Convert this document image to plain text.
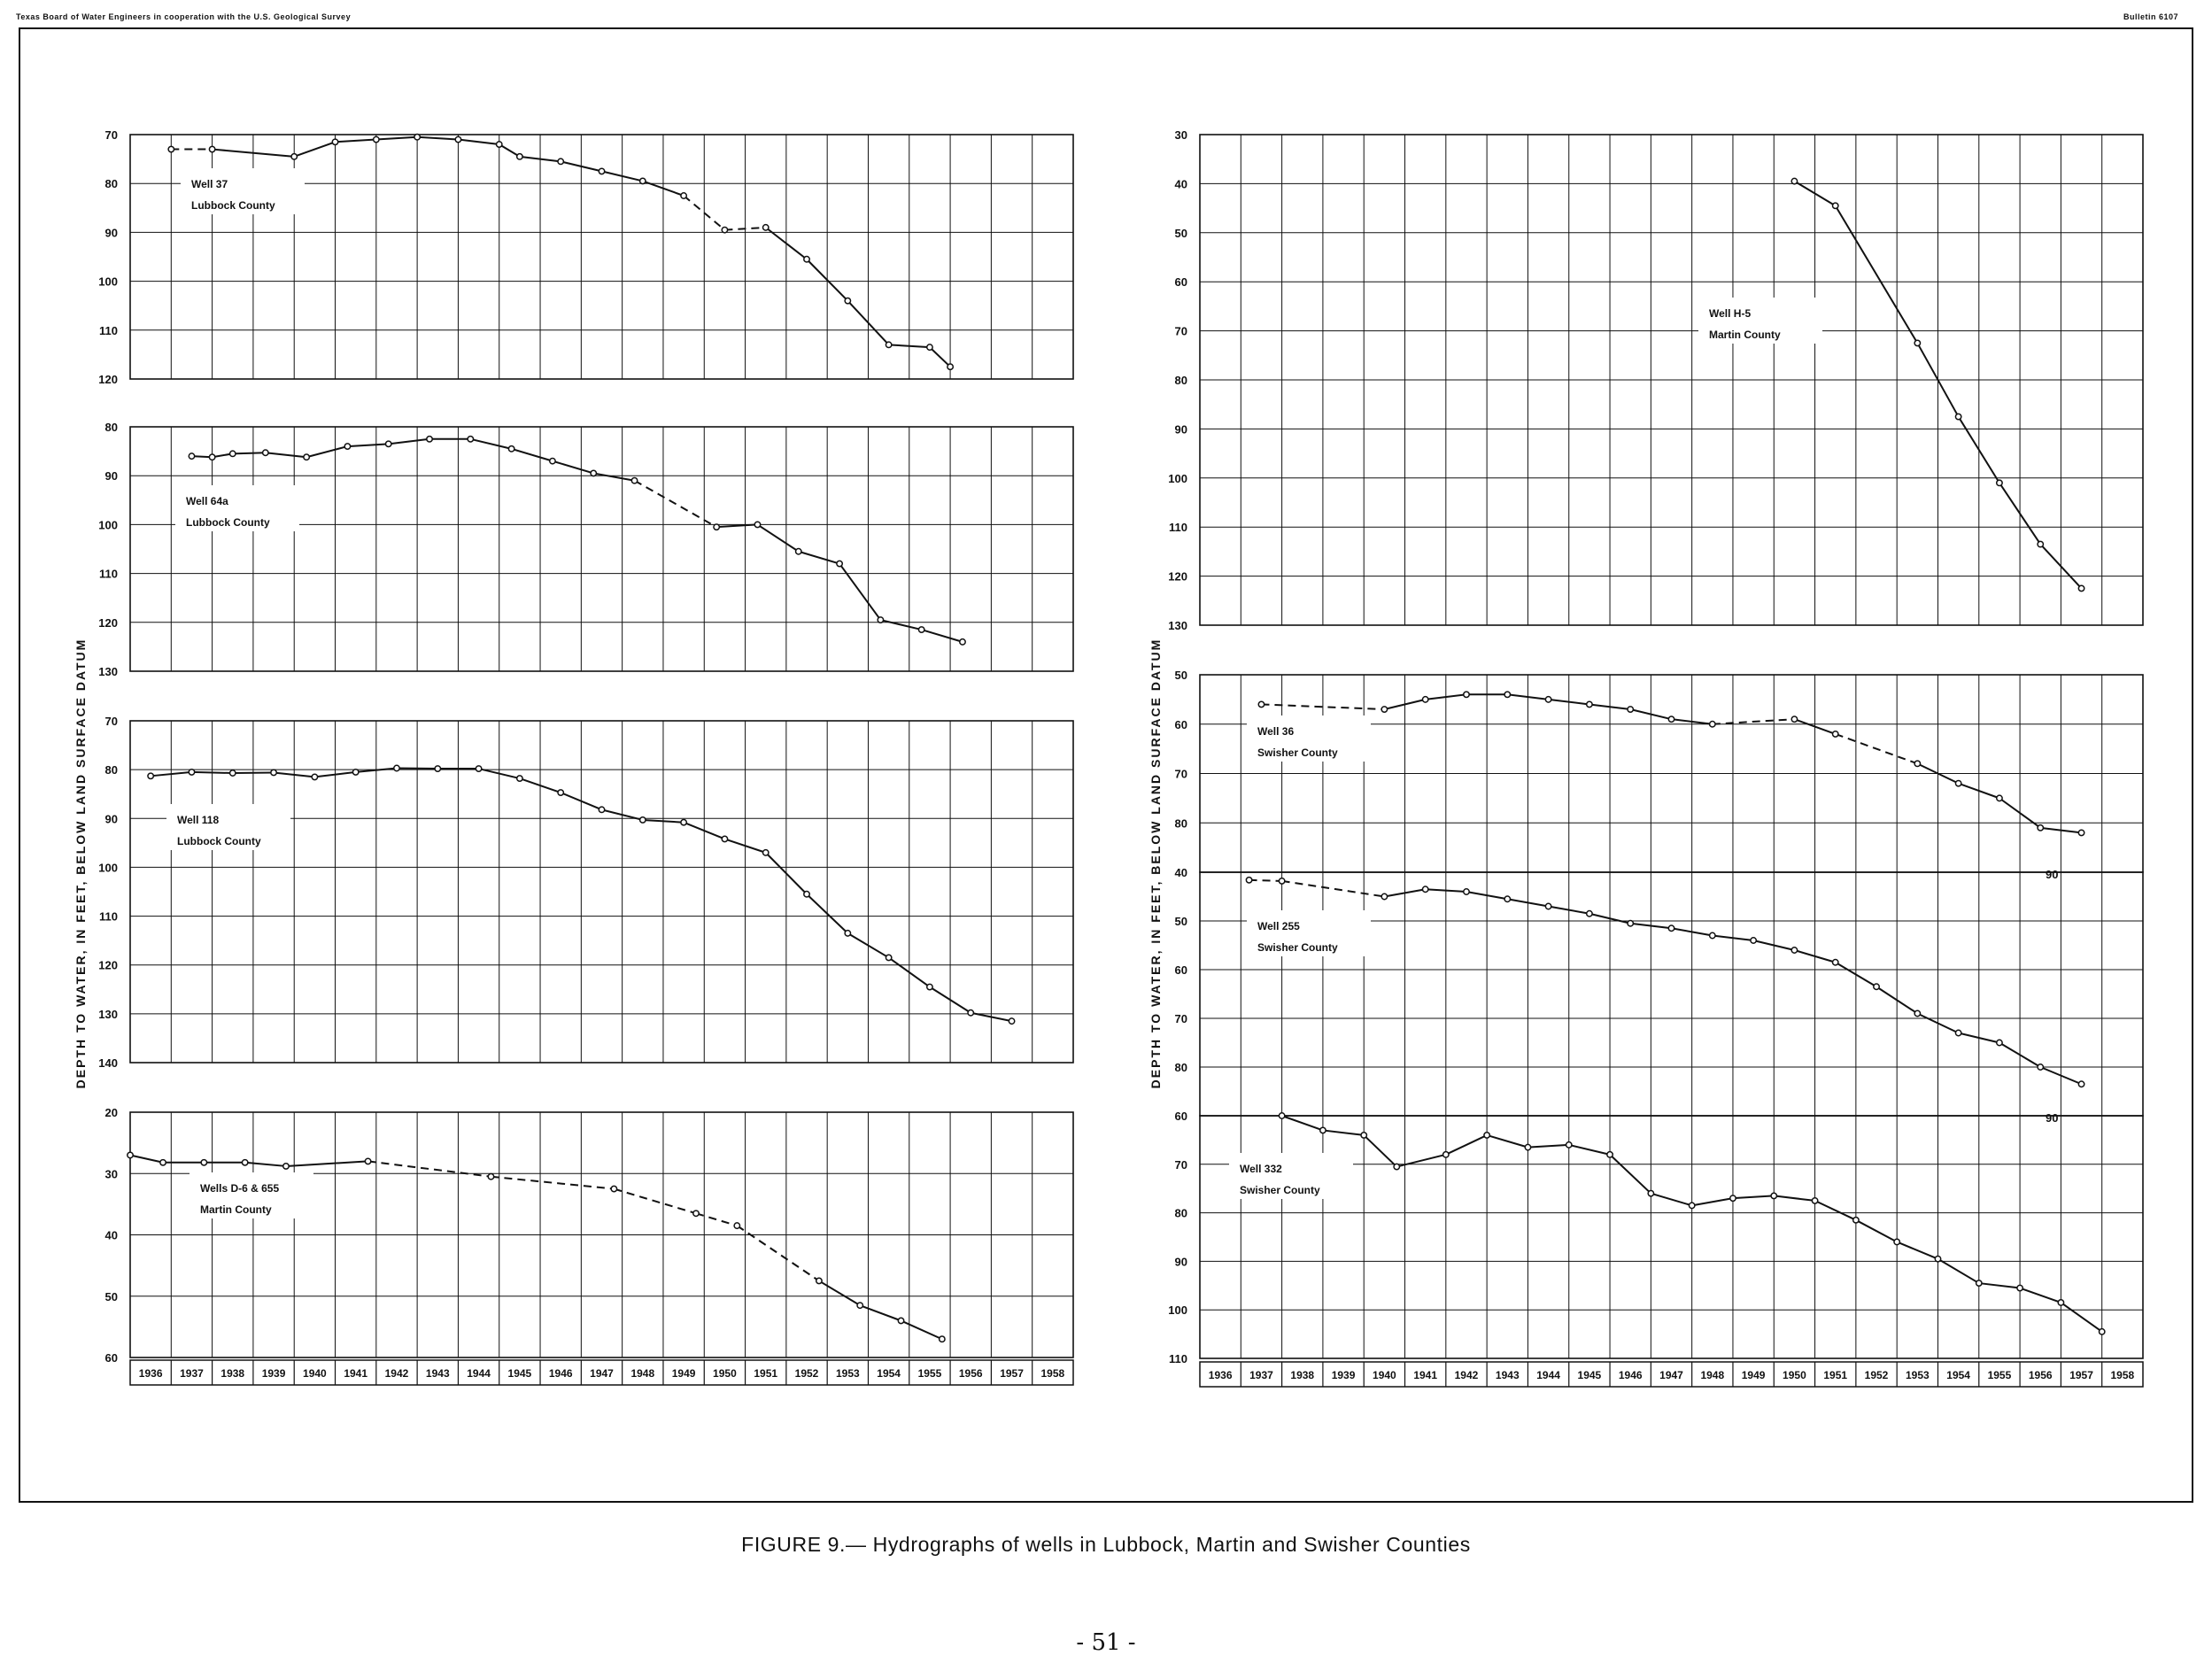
Texas Board of Water Engineers in cooperation with the U.S. Geological Survey	Bulletin 6107
DEPTH TO WATER, IN FEET, BELOW LAND SURFACE DATUM	DEPTH TO WATER, IN FEET, BELOW LAND SURFACE DATUM
1936 1937 1938 1939 1940 1941 1942 1943 1944 1945 1946 1947 1948 1949 1950 1951 1952 1953 1954 1955 1956 1957 1958	1936 1937 1938 1939 1940 1941 1942 1943 1944 1945 1946 1947 1948 1949 1950 1951 1952 1953 1954 1955 1956 1957 1958
70
80
90
100
110
120
Well 37
Lubbock County
80
90
100
110
120
130
Well 64a
Lubbock County
70
80
90
100
110
120
130
140
Well 118
Lubbock County
20
30
40
50
60
Wells D-6 & 655
Martin County
30
40
50
60
70
80
90
100
110
120
130
Well H-5
Martin County
50
60
70
80
Well 36
Swisher County
40
50
60
70
80
Well 255
Swisher County
60
70
80
90
100
110
Well 332
Swisher County
90
90
FIGURE 9.— Hydrographs of wells in Lubbock, Martin and Swisher Counties
- 51 -
